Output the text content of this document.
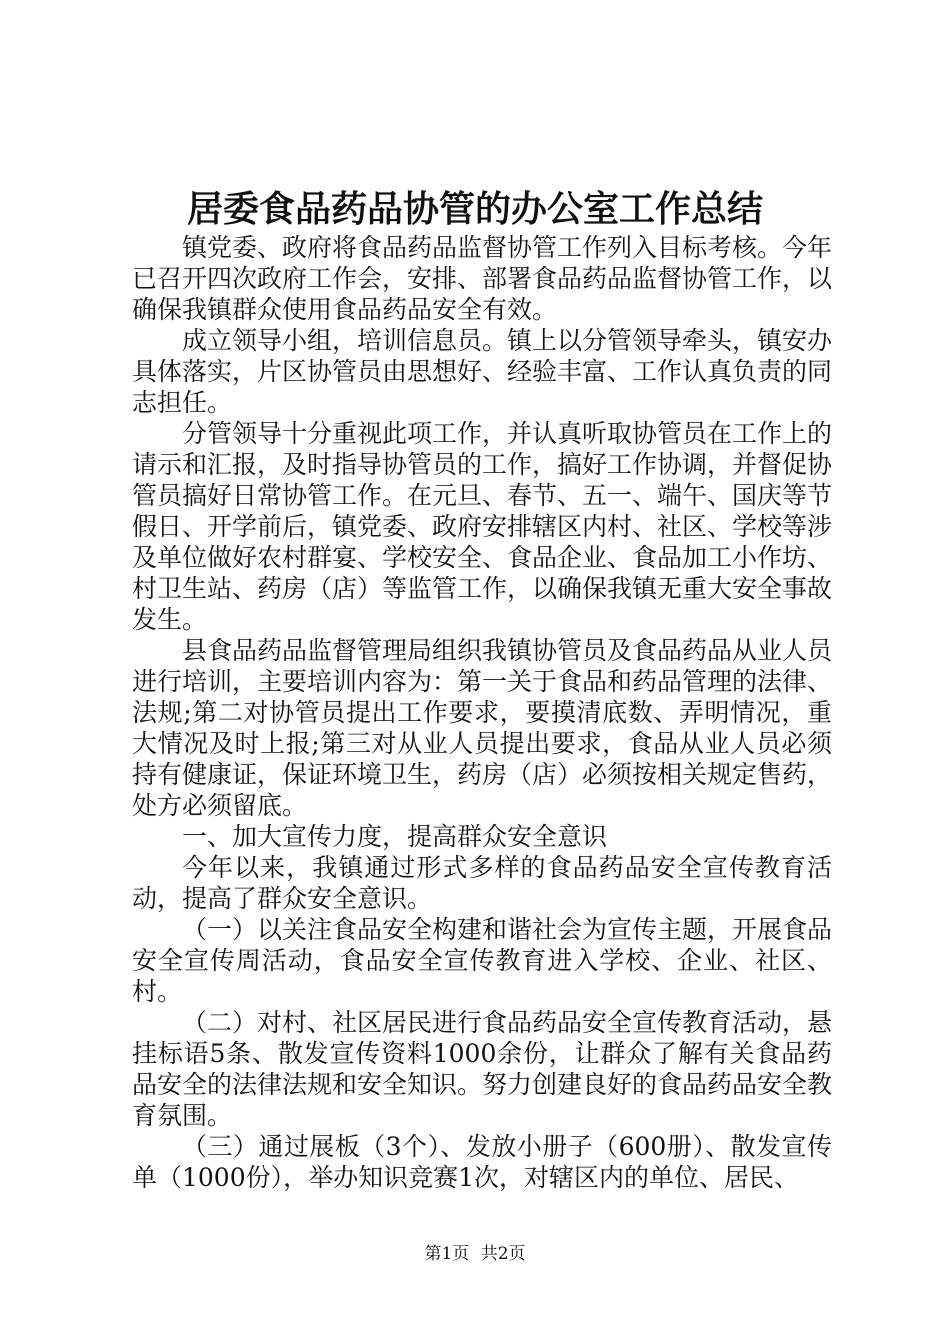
居委食品药品协管的办公室工作总结

镇党委、政府将食品药品监督协管工作列入目标考核。今年已召开四次政府工作会，安排、部署食品药品监督协管工作，以确保我镇群众使用食品药品安全有效。

成立领导小组，培训信息员。镇上以分管领导牵头，镇安办具体落实，片区协管员由思想好、经验丰富、工作认真负责的同志担任。

分管领导十分重视此项工作，并认真听取协管员在工作上的请示和汇报，及时指导协管员的工作，搞好工作协调，并督促协管员搞好日常协管工作。在元旦、春节、五一、端午、国庆等节假日、开学前后，镇党委、政府安排辖区内村、社区、学校等涉及单位做好农村群宴、学校安全、食品企业、食品加工小作坊、村卫生站、药房（店）等监管工作，以确保我镇无重大安全事故发生。

县食品药品监督管理局组织我镇协管员及食品药品从业人员进行培训，主要培训内容为：第一关于食品和药品管理的法律、法规;第二对协管员提出工作要求，要摸清底数、弄明情况，重大情况及时上报;第三对从业人员提出要求，食品从业人员必须持有健康证，保证环境卫生，药房（店）必须按相关规定售药，处方必须留底。

一、加大宣传力度，提高群众安全意识

今年以来，我镇通过形式多样的食品药品安全宣传教育活动，提高了群众安全意识。

（一）以关注食品安全构建和谐社会为宣传主题，开展食品安全宣传周活动，食品安全宣传教育进入学校、企业、社区、村。

（二）对村、社区居民进行食品药品安全宣传教育活动，悬挂标语5条、散发宣传资料1000余份，让群众了解有关食品药品安全的法律法规和安全知识。努力创建良好的食品药品安全教育氛围。

（三）通过展板（3个）、发放小册子（600册）、散发宣传单（1000份），举办知识竞赛1次，对辖区内的单位、居民、

第1页 共2页
